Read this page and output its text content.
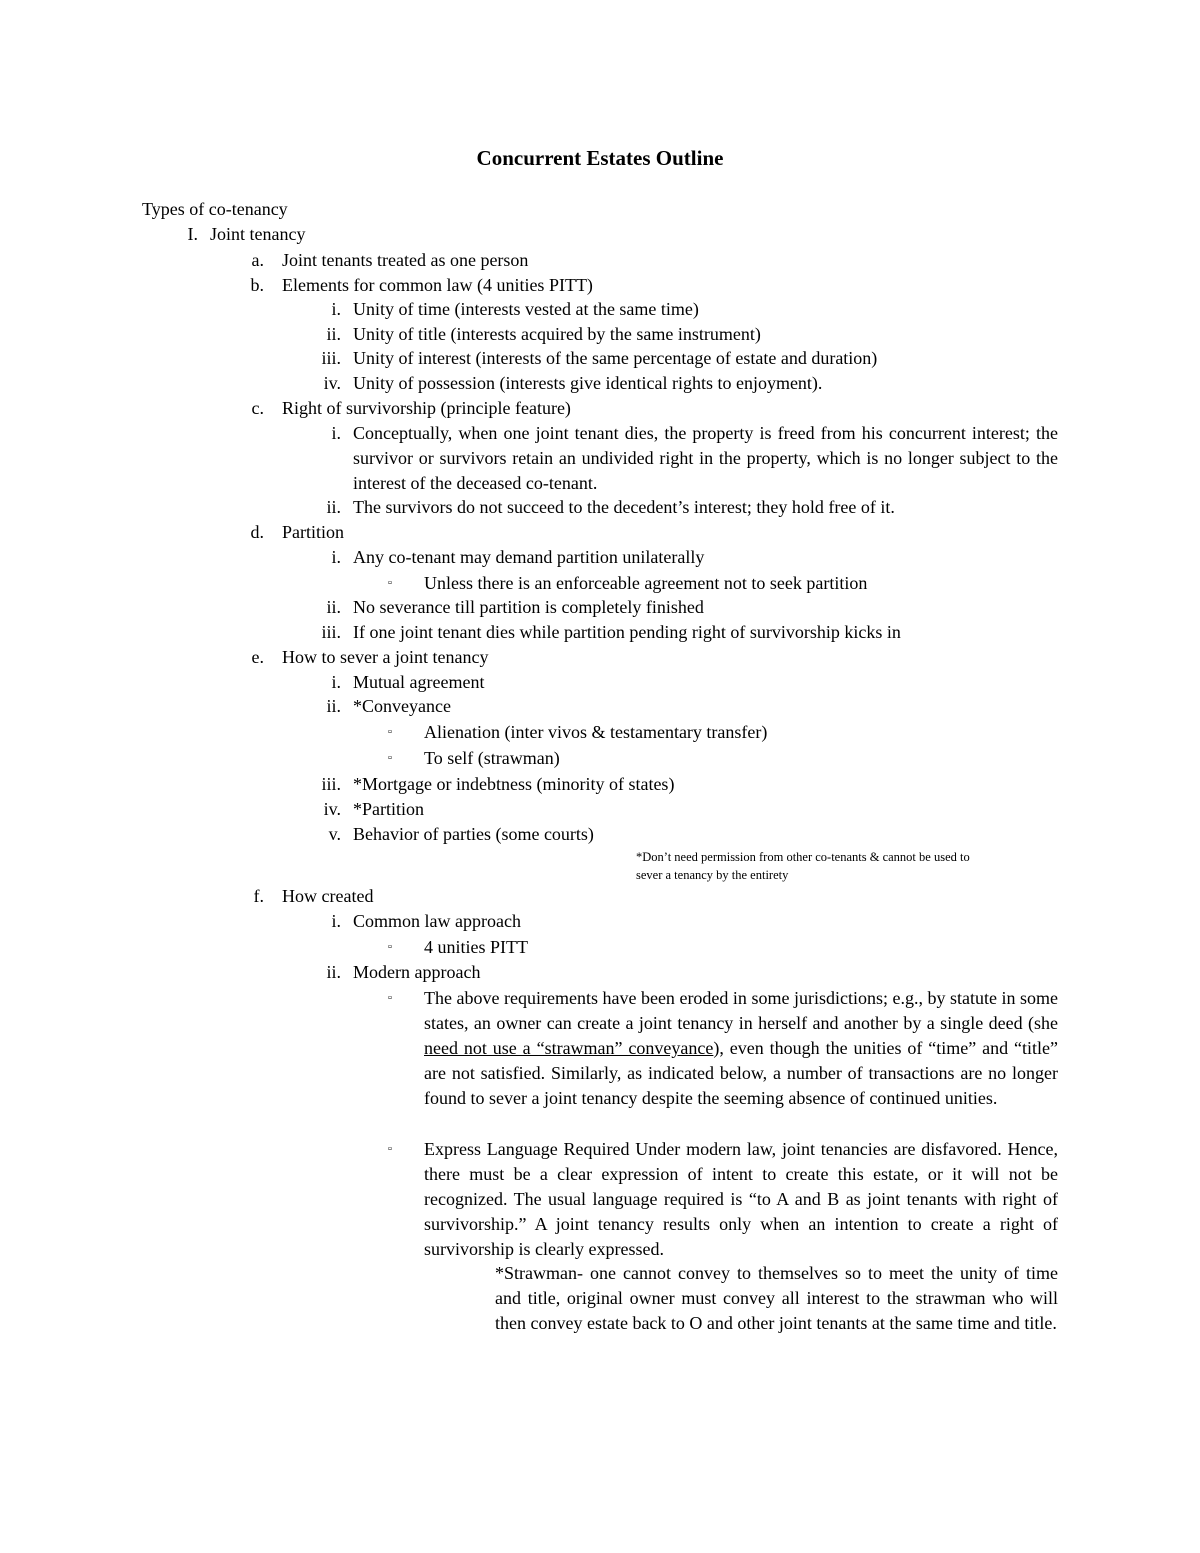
Concurrent Estates Outline
Types of co-tenancy
I. Joint tenancy
a. Joint tenants treated as one person
b. Elements for common law (4 unities PITT)
i. Unity of time (interests vested at the same time)
ii. Unity of title (interests acquired by the same instrument)
iii. Unity of interest (interests of the same percentage of estate and duration)
iv. Unity of possession (interests give identical rights to enjoyment).
c. Right of survivorship (principle feature)
i. Conceptually, when one joint tenant dies, the property is freed from his concurrent interest; the survivor or survivors retain an undivided right in the property, which is no longer subject to the interest of the deceased co-tenant.
ii. The survivors do not succeed to the decedent’s interest; they hold free of it.
d. Partition
i. Any co-tenant may demand partition unilaterally
▫ Unless there is an enforceable agreement not to seek partition
ii. No severance till partition is completely finished
iii. If one joint tenant dies while partition pending right of survivorship kicks in
e. How to sever a joint tenancy
i. Mutual agreement
ii. *Conveyance
▫ Alienation (inter vivos & testamentary transfer)
▫ To self (strawman)
iii. *Mortgage or indebtness (minority of states)
iv. *Partition
v. Behavior of parties (some courts)
*Don’t need permission from other co-tenants & cannot be used to
sever a tenancy by the entirety
f. How created
i. Common law approach
▫ 4 unities PITT
ii. Modern approach
▫ The above requirements have been eroded in some jurisdictions; e.g., by statute in some states, an owner can create a joint tenancy in herself and another by a single deed (she need not use a “strawman” conveyance), even though the unities of “time” and “title” are not satisfied. Similarly, as indicated below, a number of transactions are no longer found to sever a joint tenancy despite the seeming absence of continued unities.
▫ Express Language Required Under modern law, joint tenancies are disfavored. Hence, there must be a clear expression of intent to create this estate, or it will not be recognized. The usual language required is “to A and B as joint tenants with right of survivorship.” A joint tenancy results only when an intention to create a right of survivorship is clearly expressed.
*Strawman- one cannot convey to themselves so to meet the unity of time and title, original owner must convey all interest to the strawman who will then convey estate back to O and other joint tenants at the same time and title.
